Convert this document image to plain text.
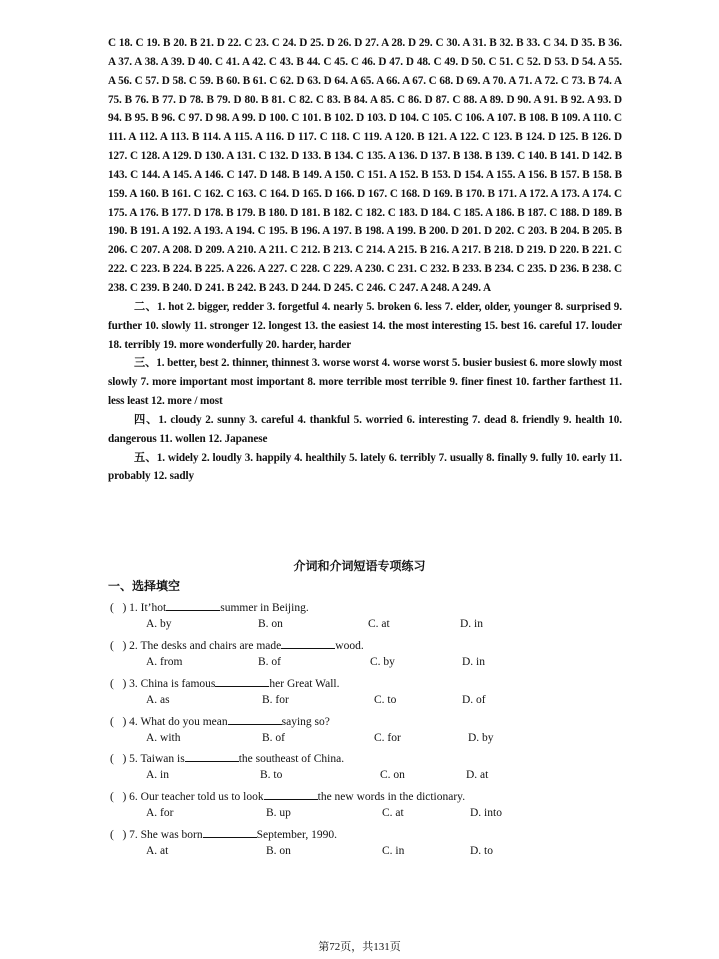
C 18. C 19. B 20. B 21. D 22. C 23. C 24. D 25. D 26. D 27. A 28. D 29. C 30. A 31. B 32. B 33. C 34. D 35. B 36. A 37. A 38. A 39. D 40. C 41. A 42. C 43. B 44. C 45. C 46. D 47. D 48. C 49. D 50. C 51. C 52. D 53. D 54. A 55. A 56. C 57. D 58. C 59. B 60. B 61. C 62. D 63. D 64. A 65. A 66. A 67. C 68. D 69. A 70. A 71. A 72. C 73. B 74. A 75. B 76. B 77. D 78. B 79. D 80. B 81. C 82. C 83. B 84. A 85. C 86. D 87. C 88. A 89. D 90. A 91. B 92. A 93. D 94. B 95. B 96. C 97. D 98. A 99. D 100. C 101. B 102. D 103. D 104. C 105. C 106. A 107. B 108. B 109. A 110. C 111. A 112. A 113. B 114. A 115. A 116. D 117. C 118. C 119. A 120. B 121. A 122. C 123. B 124. D 125. B 126. D 127. C 128. A 129. D 130. A 131. C 132. D 133. B 134. C 135. A 136. D 137. B 138. B 139. C 140. B 141. D 142. B 143. C 144. A 145. A 146. C 147. D 148. B 149. A 150. C 151. A 152. B 153. D 154. A 155. A 156. B 157. B 158. B 159. A 160. B 161. C 162. C 163. C 164. D 165. D 166. D 167. C 168. D 169. B 170. B 171. A 172. A 173. A 174. C 175. A 176. B 177. D 178. B 179. B 180. D 181. B 182. C 182. C 183. D 184. C 185. A 186. B 187. C 188. D 189. B 190. B 191. A 192. A 193. A 194. C 195. B 196. A 197. B 198. A 199. B 200. D 201. D 202. C 203. B 204. B 205. B 206. C 207. A 208. D 209. A 210. A 211. C 212. B 213. C 214. A 215. B 216. A 217. B 218. D 219. D 220. B 221. C 222. C 223. B 224. B 225. A 226. A 227. C 228. C 229. A 230. C 231. C 232. B 233. B 234. C 235. D 236. B 238. C 238. C 239. B 240. D 241. B 242. B 243. D 244. D 245. C 246. C 247. A 248. A 249. A

二、1. hot 2. bigger, redder 3. forgetful 4. nearly 5. broken 6. less 7. elder, older, younger 8. surprised 9. further 10. slowly 11. stronger 12. longest 13. the easiest 14. the most interesting 15. best 16. careful 17. louder 18. terribly 19. more wonderfully 20. harder, harder

三、1. better, best 2. thinner, thinnest 3. worse worst 4. worse worst 5. busier busiest 6. more slowly most slowly 7. more important most important 8. more terrible most terrible 9. finer finest 10. farther farthest 11. less least 12. more / most

四、1. cloudy 2. sunny 3. careful 4. thankful 5. worried 6. interesting 7. dead 8. friendly 9. health 10. dangerous 11. wollen 12. Japanese

五、1. widely 2. loudly 3. happily 4. healthily 5. lately 6. terribly 7. usually 8. finally 9. fully 10. early 11. probably 12. sadly

介词和介词短语专项练习
一、选择填空
(   ) 1. It’hot	summer in Beijing.
A. by	B. on	C. at	D. in
(   ) 2. The desks and chairs are made	wood.
A. from	B. of	C. by	D. in
(   ) 3. China is famous	her Great Wall.
A. as	B. for	C. to	D. of
(   ) 4. What do you mean	saying so?
A. with	B. of	C. for	D. by
(   ) 5. Taiwan is	the southeast of China.
A. in	B. to	C. on	D. at
(   ) 6. Our teacher told us to look	the new words in the dictionary.
A. for	B. up	C. at	D. into
(   ) 7. She was born	September, 1990.
A. at	B. on	C. in	D. to
第72页，共131页
